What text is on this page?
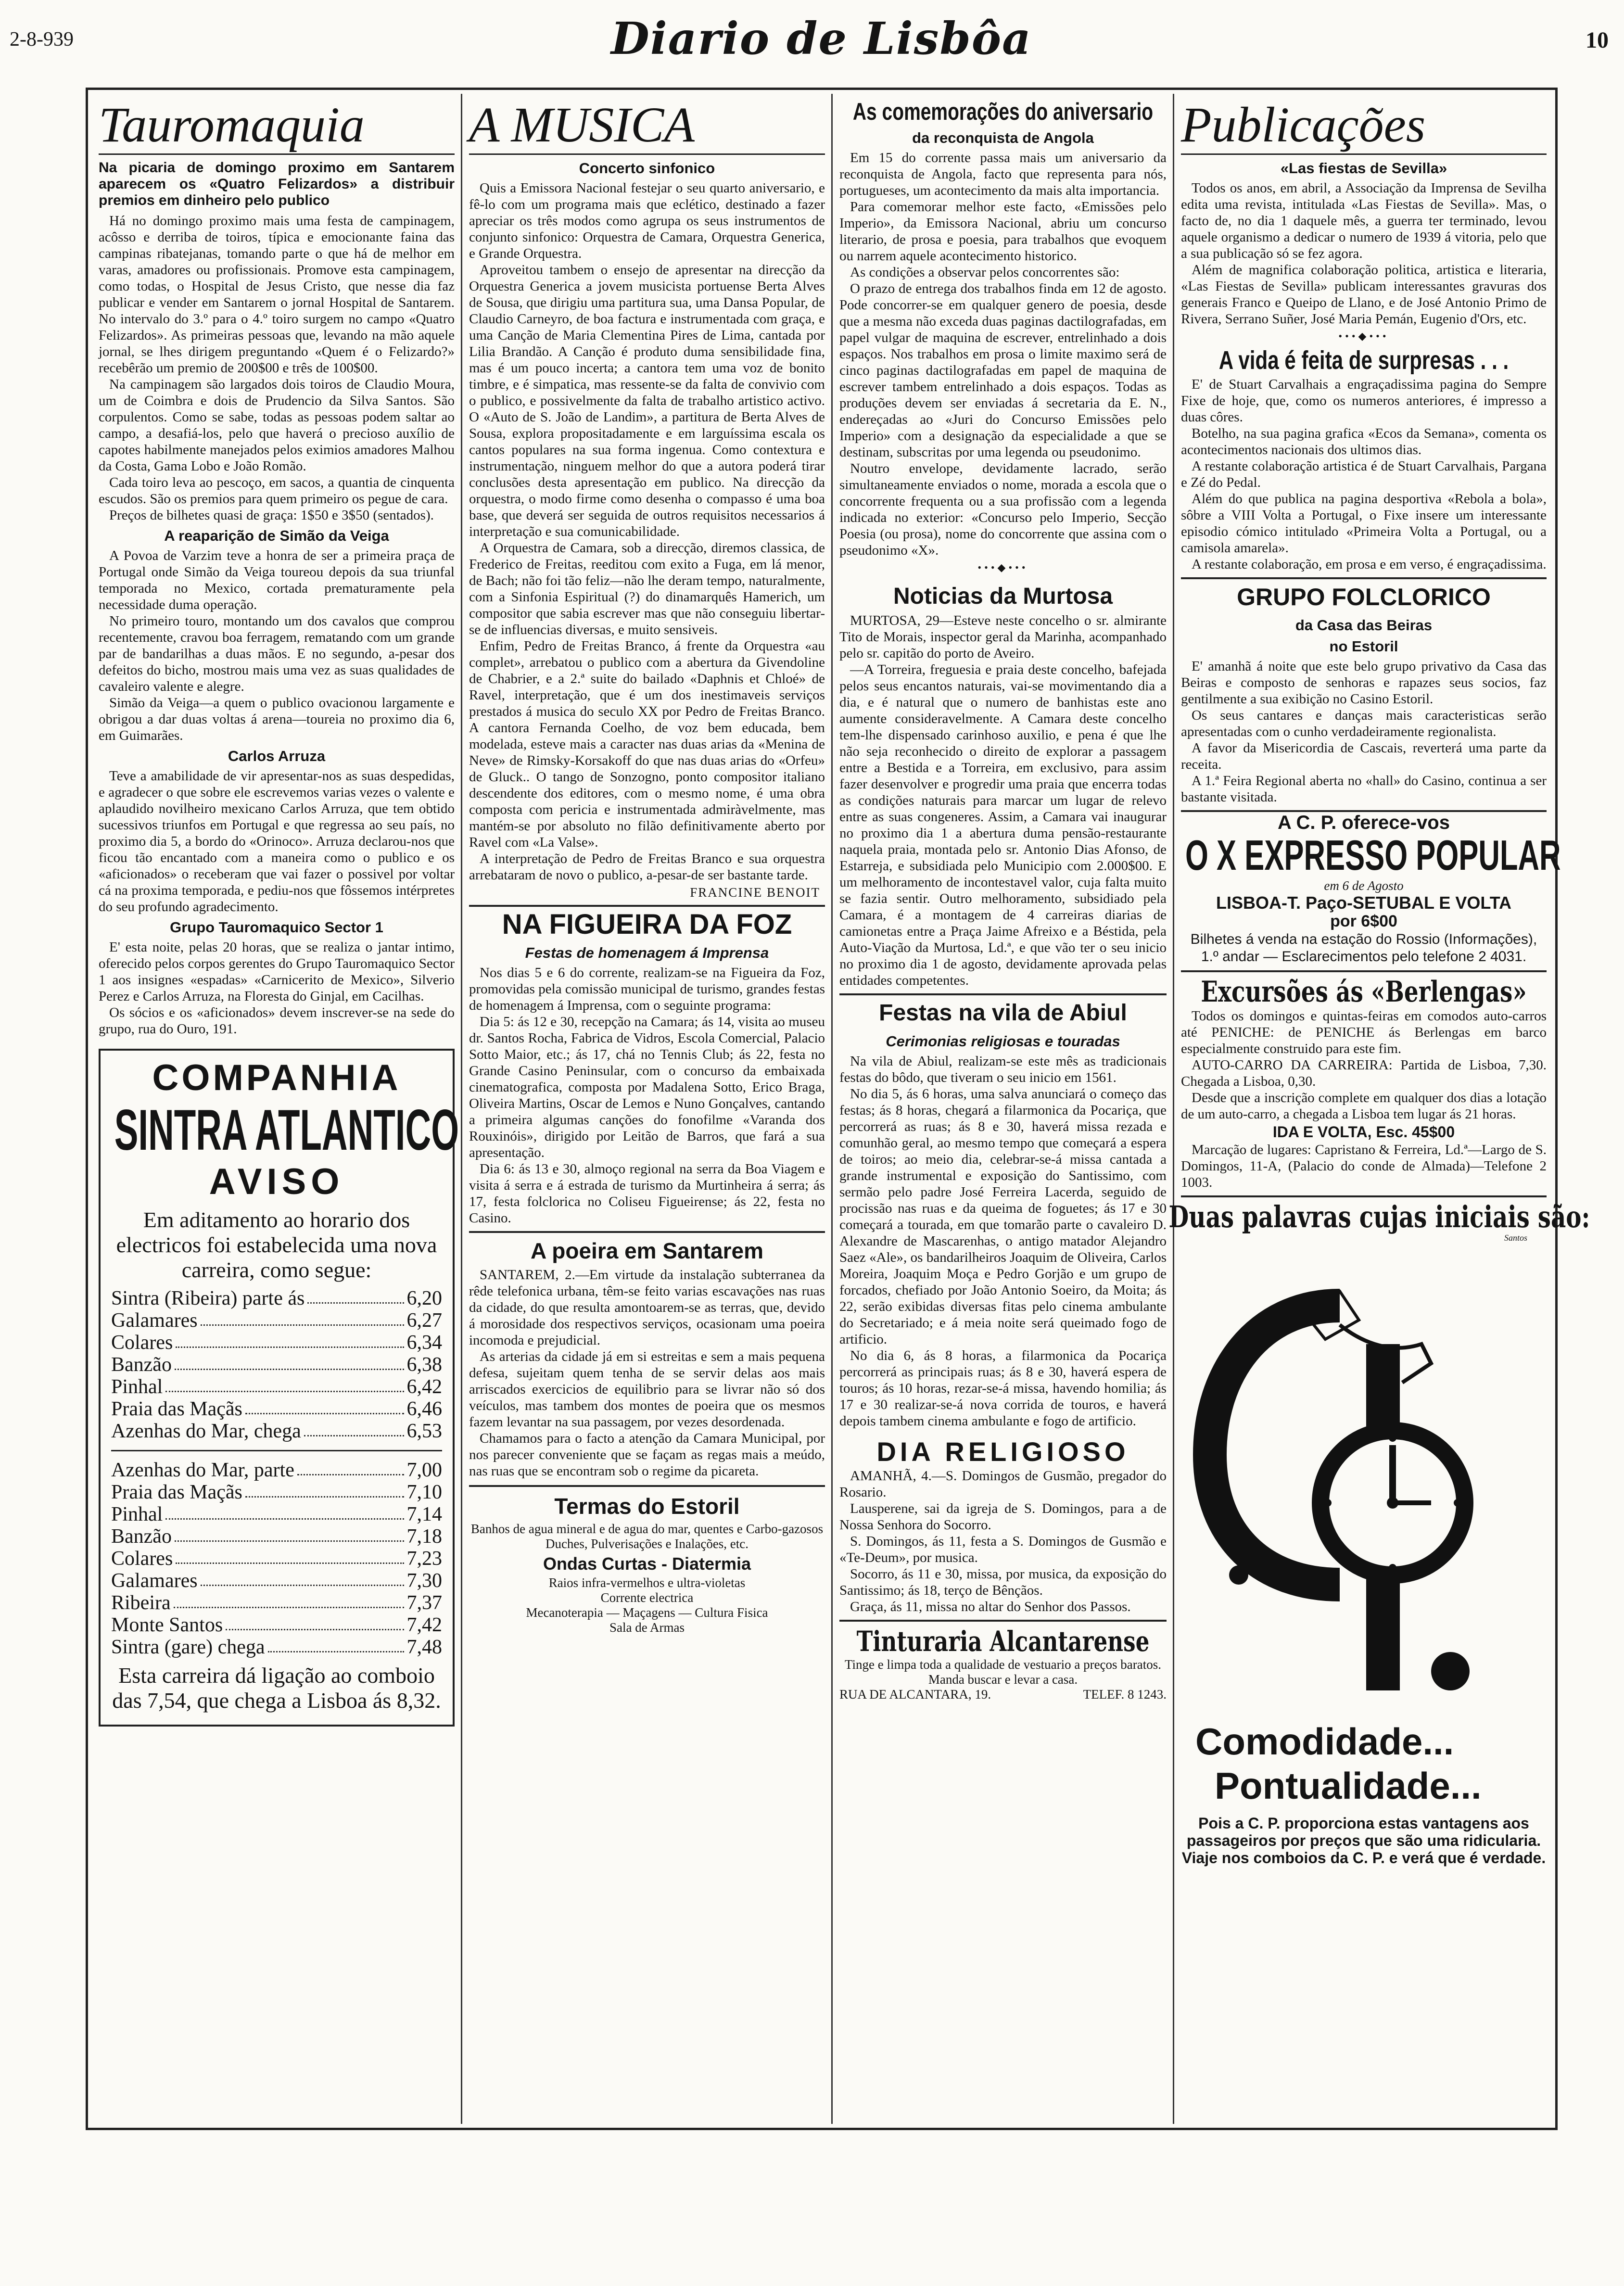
2-8-939	Diario de Lisbôa	10
Tauromaquia
Na picaria de domingo proximo em Santarem aparecem os «Quatro Felizardos» a distribuir premios em dinheiro pelo publico

Há no domingo proximo mais uma festa de campinagem, acôsso e derriba de toiros, típica e emocionante faina das campinas ribatejanas, tomando parte o que há de melhor em varas, amadores ou profissionais. Promove esta campinagem, como todas, o Hospital de Jesus Cristo, que nesse dia faz publicar e vender em Santarem o jornal Hospital de Santarem. No intervalo do 3.º para o 4.º toiro surgem no campo «Quatro Felizardos». As primeiras pessoas que, levando na mão aquele jornal, se lhes dirigem preguntando «Quem é o Felizardo?» recebêrão um premio de 200$00 e três de 100$00.

Na campinagem são largados dois toiros de Claudio Moura, um de Coimbra e dois de Prudencio da Silva Santos. São corpulentos. Como se sabe, todas as pessoas podem saltar ao campo, a desafiá-los, pelo que haverá o precioso auxílio de capotes habilmente manejados pelos eximios amadores Malhou da Costa, Gama Lobo e João Romão.

Cada toiro leva ao pescoço, em sacos, a quantia de cinquenta escudos. São os premios para quem primeiro os pegue de cara.

Preços de bilhetes quasi de graça: 1$50 e 3$50 (sentados).

A reaparição de Simão da Veiga

A Povoa de Varzim teve a honra de ser a primeira praça de Portugal onde Simão da Veiga toureou depois da sua triunfal temporada no Mexico, cortada prematuramente pela necessidade duma operação.

No primeiro touro, montando um dos cavalos que comprou recentemente, cravou boa ferragem, rematando com um grande par de bandarilhas a duas mãos. E no segundo, a-pesar dos defeitos do bicho, mostrou mais uma vez as suas qualidades de cavaleiro valente e alegre.

Simão da Veiga—a quem o publico ovacionou largamente e obrigou a dar duas voltas á arena—toureia no proximo dia 6, em Guimarães.

Carlos Arruza

Teve a amabilidade de vir apresentar-nos as suas despedidas, e agradecer o que sobre ele escrevemos varias vezes o valente e aplaudido novilheiro mexicano Carlos Arruza, que tem obtido sucessivos triunfos em Portugal e que regressa ao seu país, no proximo dia 5, a bordo do «Orinoco». Arruza declarou-nos que ficou tão encantado com a maneira como o publico e os «aficionados» o receberam que vai fazer o possivel por voltar cá na proxima temporada, e pediu-nos que fôssemos intérpretes do seu profundo agradecimento.

Grupo Tauromaquico Sector 1

E' esta noite, pelas 20 horas, que se realiza o jantar intimo, oferecido pelos corpos gerentes do Grupo Tauromaquico Sector 1 aos insignes «espadas» «Carnicerito de Mexico», Silverio Perez e Carlos Arruza, na Floresta do Ginjal, em Cacilhas.

Os sócios e os «aficionados» devem inscrever-se na sede do grupo, rua do Ouro, 191.

COMPANHIA
SINTRA ATLANTICO
AVISO
Em aditamento ao horario dos electricos foi estabelecida uma nova carreira, como segue:
Sintra (Ribeira) parte ás	6,20
Galamares	6,27
Colares	6,34
Banzão	6,38
Pinhal	6,42
Praia das Maçãs	6,46
Azenhas do Mar, chega	6,53
Azenhas do Mar, parte	7,00
Praia das Maçãs	7,10
Pinhal	7,14
Banzão	7,18
Colares	7,23
Galamares	7,30
Ribeira	7,37
Monte Santos	7,42
Sintra (gare) chega	7,48
Esta carreira dá ligação ao comboio das 7,54, que chega a Lisboa ás 8,32.
A MUSICA
Concerto sinfonico

Quis a Emissora Nacional festejar o seu quarto aniversario, e fê-lo com um programa mais que eclético, destinado a fazer apreciar os três modos como agrupa os seus instrumentos de conjunto sinfonico: Orquestra de Camara, Orquestra Generica, e Grande Orquestra.

Aproveitou tambem o ensejo de apresentar na direcção da Orquestra Generica a jovem musicista portuense Berta Alves de Sousa, que dirigiu uma partitura sua, uma Dansa Popular, de Claudio Carneyro, de boa factura e instrumentada com graça, e uma Canção de Maria Clementina Pires de Lima, cantada por Lilia Brandão. A Canção é produto duma sensibilidade fina, mas é um pouco incerta; a cantora tem uma voz de bonito timbre, e é simpatica, mas ressente-se da falta de convivio com o publico, e possivelmente da falta de trabalho artistico activo. O «Auto de S. João de Landim», a partitura de Berta Alves de Sousa, explora propositadamente e em larguíssima escala os cantos populares na sua forma ingenua. Como contextura e instrumentação, ninguem melhor do que a autora poderá tirar conclusões desta apresentação em publico. Na direcção da orquestra, o modo firme como desenha o compasso é uma boa base, que deverá ser seguida de outros requisitos necessarios á interpretação e sua comunicabilidade.

A Orquestra de Camara, sob a direcção, diremos classica, de Frederico de Freitas, reeditou com exito a Fuga, em lá menor, de Bach; não foi tão feliz—não lhe deram tempo, naturalmente, com a Sinfonia Espiritual (?) do dinamarquês Hamerich, um compositor que sabia escrever mas que não conseguiu libertar-se de influencias diversas, e muito sensiveis.

Enfim, Pedro de Freitas Branco, á frente da Orquestra «au complet», arrebatou o publico com a abertura da Givendoline de Chabrier, e a 2.ª suite do bailado «Daphnis et Chloé» de Ravel, interpretação, que é um dos inestimaveis serviços prestados á musica do seculo XX por Pedro de Freitas Branco. A cantora Fernanda Coelho, de voz bem educada, bem modelada, esteve mais a caracter nas duas arias da «Menina de Neve» de Rimsky-Korsakoff do que nas duas arias do «Orfeu» de Gluck.. O tango de Sonzogno, ponto compositor italiano descendente dos editores, com o mesmo nome, é uma obra composta com pericia e instrumentada admiràvelmente, mas mantém-se por absoluto no filão definitivamente aberto por Ravel com «La Valse».

A interpretação de Pedro de Freitas Branco e sua orquestra arrebataram de novo o publico, a-pesar-de ser bastante tarde.

FRANCINE BENOIT
NA FIGUEIRA DA FOZ
Festas de homenagem á Imprensa

Nos dias 5 e 6 do corrente, realizam-se na Figueira da Foz, promovidas pela comissão municipal de turismo, grandes festas de homenagem á Imprensa, com o seguinte programa:

Dia 5: ás 12 e 30, recepção na Camara; ás 14, visita ao museu dr. Santos Rocha, Fabrica de Vidros, Escola Comercial, Palacio Sotto Maior, etc.; ás 17, chá no Tennis Club; ás 22, festa no Grande Casino Peninsular, com o concurso da embaixada cinematografica, composta por Madalena Sotto, Erico Braga, Oliveira Martins, Oscar de Lemos e Nuno Gonçalves, cantando a primeira algumas canções do fonofilme «Varanda dos Rouxinóis», dirigido por Leitão de Barros, que fará a sua apresentação.

Dia 6: ás 13 e 30, almoço regional na serra da Boa Viagem e visita á serra e á estrada de turismo da Murtinheira á serra; ás 17, festa folclorica no Coliseu Figueirense; ás 22, festa no Casino.

A poeira em Santarem

SANTAREM, 2.—Em virtude da instalação subterranea da rêde telefonica urbana, têm-se feito varias escavações nas ruas da cidade, do que resulta amontoarem-se as terras, que, devido á morosidade dos respectivos serviços, ocasionam uma poeira incomoda e prejudicial.

As arterias da cidade já em si estreitas e sem a mais pequena defesa, sujeitam quem tenha de se servir delas aos mais arriscados exercicios de equilibrio para se livrar não só dos veículos, mas tambem dos montes de poeira que os mesmos fazem levantar na sua passagem, por vezes desordenada.

Chamamos para o facto a atenção da Camara Municipal, por nos parecer conveniente que se façam as regas mais a meúdo, nas ruas que se encontram sob o regime da picareta.

Termas do Estoril
Banhos de agua mineral e de agua do mar, quentes e Carbo-gazosos
Duches, Pulverisações e Inalações, etc.
Ondas Curtas - Diatermia
Raios infra-vermelhos e ultra-violetas
Corrente electrica
Mecanoterapia — Maçagens — Cultura Fisica
Sala de Armas
As comemorações do aniversario
da reconquista de Angola

Em 15 do corrente passa mais um aniversario da reconquista de Angola, facto que representa para nós, portugueses, um acontecimento da mais alta importancia.

Para comemorar melhor este facto, «Emissões pelo Imperio», da Emissora Nacional, abriu um concurso literario, de prosa e poesia, para trabalhos que evoquem ou narrem aquele acontecimento historico.

As condições a observar pelos concorrentes são:

O prazo de entrega dos trabalhos finda em 12 de agosto. Pode concorrer-se em qualquer genero de poesia, desde que a mesma não exceda duas paginas dactilografadas, em papel vulgar de maquina de escrever, entrelinhado a dois espaços. Nos trabalhos em prosa o limite maximo será de cinco paginas dactilografadas em papel de maquina de escrever tambem entrelinhado a dois espaços. Todas as produções devem ser enviadas á secretaria da E. N., endereçadas ao «Juri do Concurso Emissões pelo Imperio» com a designação da especialidade a que se destinam, subscritas por uma legenda ou pseudonimo.

Noutro envelope, devidamente lacrado, serão simultaneamente enviados o nome, morada a escola que o concorrente frequenta ou a sua profissão com a legenda indicada no exterior: «Concurso pelo Imperio, Secção Poesia (ou prosa), nome do concorrente que assina com o pseudonimo «X».

•••◆•••
Noticias da Murtosa

MURTOSA, 29—Esteve neste concelho o sr. almirante Tito de Morais, inspector geral da Marinha, acompanhado pelo sr. capitão do porto de Aveiro.

—A Torreira, freguesia e praia deste concelho, bafejada pelos seus encantos naturais, vai-se movimentando dia a dia, e é natural que o numero de banhistas este ano aumente consideravelmente. A Camara deste concelho tem-lhe dispensado carinhoso auxilio, e pena é que lhe não seja reconhecido o direito de explorar a passagem entre a Bestida e a Torreira, em exclusivo, para assim fazer desenvolver e progredir uma praia que encerra todas as condições naturais para marcar um lugar de relevo entre as suas congeneres. Assim, a Camara vai inaugurar no proximo dia 1 a abertura duma pensão-restaurante naquela praia, montada pelo sr. Antonio Dias Afonso, de Estarreja, e subsidiada pelo Municipio com 2.000$00. E um melhoramento de incontestavel valor, cuja falta muito se fazia sentir. Outro melhoramento, subsidiado pela Camara, é a montagem de 4 carreiras diarias de camionetas entre a Praça Jaime Afreixo e a Béstida, pela Auto-Viação da Murtosa, Ld.ª, e que vão ter o seu inicio no proximo dia 1 de agosto, devidamente aprovada pelas entidades competentes.

Festas na vila de Abiul
Cerimonias religiosas e touradas

Na vila de Abiul, realizam-se este mês as tradicionais festas do bôdo, que tiveram o seu inicio em 1561.

No dia 5, ás 6 horas, uma salva anunciará o começo das festas; ás 8 horas, chegará a filarmonica da Pocariça, que percorrerá as ruas; ás 8 e 30, haverá missa rezada e comunhão geral, ao mesmo tempo que começará a espera de toiros; ao meio dia, celebrar-se-á missa cantada a grande instrumental e exposição do Santissimo, com sermão pelo padre José Ferreira Lacerda, seguido de procissão nas ruas e da queima de foguetes; ás 17 e 30 começará a tourada, em que tomarão parte o cavaleiro D. Alexandre de Mascarenhas, o antigo matador Alejandro Saez «Ale», os bandarilheiros Joaquim de Oliveira, Carlos Moreira, Joaquim Moça e Pedro Gorjão e um grupo de forcados, chefiado por João Antonio Soeiro, da Moita; ás 22, serão exibidas diversas fitas pelo cinema ambulante do Secretariado; e á meia noite será queimado fogo de artificio.

No dia 6, ás 8 horas, a filarmonica da Pocariça percorrerá as principais ruas; ás 8 e 30, haverá espera de touros; ás 10 horas, rezar-se-á missa, havendo homilia; ás 17 e 30 realizar-se-á nova corrida de touros, e haverá depois tambem cinema ambulante e fogo de artificio.

DIA RELIGIOSO

AMANHÃ, 4.—S. Domingos de Gusmão, pregador do Rosario.

Lausperene, sai da igreja de S. Domingos, para a de Nossa Senhora do Socorro.

S. Domingos, ás 11, festa a S. Domingos de Gusmão e «Te-Deum», por musica.

Socorro, ás 11 e 30, missa, por musica, da exposição do Santissimo; ás 18, terço de Bênçãos.

Graça, ás 11, missa no altar do Senhor dos Passos.

Tinturaria Alcantarense
Tinge e limpa toda a qualidade de vestuario a preços baratos. Manda buscar e levar a casa.
RUA DE ALCANTARA, 19.	TELEF. 8 1243.
Publicações
«Las fiestas de Sevilla»

Todos os anos, em abril, a Associação da Imprensa de Sevilha edita uma revista, intitulada «Las Fiestas de Sevilla». Mas, o facto de, no dia 1 daquele mês, a guerra ter terminado, levou aquele organismo a dedicar o numero de 1939 á vitoria, pelo que a sua publicação só se fez agora.

Além de magnifica colaboração politica, artistica e literaria, «Las Fiestas de Sevilla» publicam interessantes gravuras dos generais Franco e Queipo de Llano, e de José Antonio Primo de Rivera, Serrano Suñer, José Maria Pemán, Eugenio d'Ors, etc.

•••◆•••
A vida é feita de surpresas . . .

E' de Stuart Carvalhais a engraçadissima pagina do Sempre Fixe de hoje, que, como os numeros anteriores, é impresso a duas côres.

Botelho, na sua pagina grafica «Ecos da Semana», comenta os acontecimentos nacionais dos ultimos dias.

A restante colaboração artistica é de Stuart Carvalhais, Pargana e Zé do Pedal.

Além do que publica na pagina desportiva «Rebola a bola», sôbre a VIII Volta a Portugal, o Fixe insere um interessante episodio cómico intitulado «Primeira Volta a Portugal, ou a camisola amarela».

A restante colaboração, em prosa e em verso, é engraçadissima.

GRUPO FOLCLORICO
da Casa das Beiras
no Estoril

E' amanhã á noite que este belo grupo privativo da Casa das Beiras e composto de senhoras e rapazes seus socios, faz gentilmente a sua exibição no Casino Estoril.

Os seus cantares e danças mais caracteristicas serão apresentadas com o cunho verdadeiramente regionalista.

A favor da Misericordia de Cascais, reverterá uma parte da receita.

A 1.ª Feira Regional aberta no «hall» do Casino, continua a ser bastante visitada.

A C. P. oferece-vos
O X EXPRESSO POPULAR
em 6 de Agosto
LISBOA-T. Paço-SETUBAL E VOLTA
por 6$00
Bilhetes á venda na estação do Rossio (Informações), 1.º andar — Esclarecimentos pelo telefone 2 4031.
Excursões ás «Berlengas»

Todos os domingos e quintas-feiras em comodos auto-carros até PENICHE: de PENICHE ás Berlengas em barco especialmente construido para este fim.

AUTO-CARRO DA CARREIRA: Partida de Lisboa, 7,30. Chegada a Lisboa, 0,30.

Desde que a inscrição complete em qualquer dos dias a lotação de um auto-carro, a chegada a Lisboa tem lugar ás 21 horas.

IDA E VOLTA, Esc. 45$00

Marcação de lugares: Capristano & Ferreira, Ld.ª—Largo de S. Domingos, 11-A, (Palacio do conde de Almada)—Telefone 2 1003.

Duas palavras cujas iniciais são:
Santos
Comodidade...
Pontualidade...
Pois a C. P. proporciona estas vantagens aos passageiros por preços que são uma ridicularia. Viaje nos comboios da C. P. e verá que é verdade.
